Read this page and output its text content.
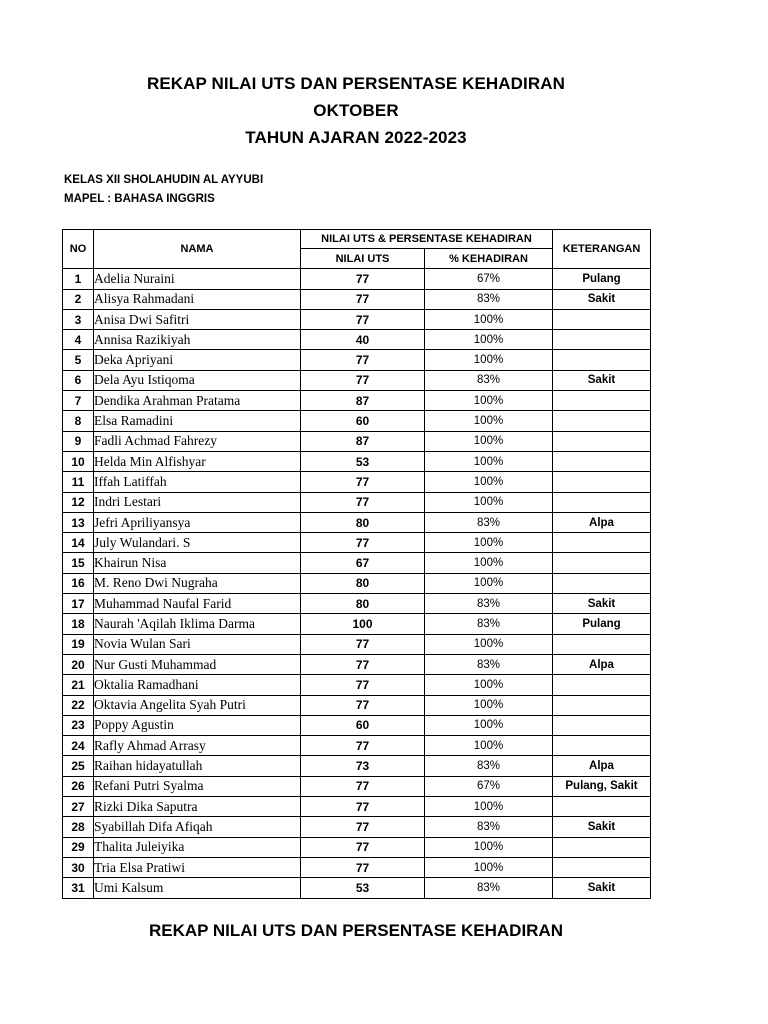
REKAP NILAI UTS DAN PERSENTASE KEHADIRAN
OKTOBER
TAHUN AJARAN 2022-2023
KELAS XII SHOLAHUDIN AL AYYUBI
MAPEL : BAHASA INGGRIS
NO	NAMA	NILAI UTS & PERSENTASE KEHADIRAN		KETERANGAN
		NILAI UTS	% KEHADIRAN	
1	Adelia Nuraini	77	67%	Pulang
2	Alisya Rahmadani	77	83%	Sakit
3	Anisa Dwi Safitri	77	100%	
4	Annisa Razikiyah	40	100%	
5	Deka Apriyani	77	100%	
6	Dela Ayu Istiqoma	77	83%	Sakit
7	Dendika Arahman Pratama	87	100%	
8	Elsa Ramadini	60	100%	
9	Fadli Achmad Fahrezy	87	100%	
10	Helda Min Alfishyar	53	100%	
11	Iffah Latiffah	77	100%	
12	Indri Lestari	77	100%	
13	Jefri Apriliyansya	80	83%	Alpa
14	July Wulandari. S	77	100%	
15	Khairun Nisa	67	100%	
16	M. Reno Dwi Nugraha	80	100%	
17	Muhammad Naufal Farid	80	83%	Sakit
18	Naurah 'Aqilah Iklima Darma	100	83%	Pulang
19	Novia Wulan Sari	77	100%	
20	Nur Gusti Muhammad	77	83%	Alpa
21	Oktalia Ramadhani	77	100%	
22	Oktavia Angelita Syah Putri	77	100%	
23	Poppy Agustin	60	100%	
24	Rafly Ahmad Arrasy	77	100%	
25	Raihan hidayatullah	73	83%	Alpa
26	Refani Putri Syalma	77	67%	Pulang, Sakit
27	Rizki Dika Saputra	77	100%	
28	Syabillah Difa Afiqah	77	83%	Sakit
29	Thalita Juleiyika	77	100%	
30	Tria Elsa Pratiwi	77	100%	
31	Umi Kalsum	53	83%	Sakit
REKAP NILAI UTS DAN PERSENTASE KEHADIRAN
